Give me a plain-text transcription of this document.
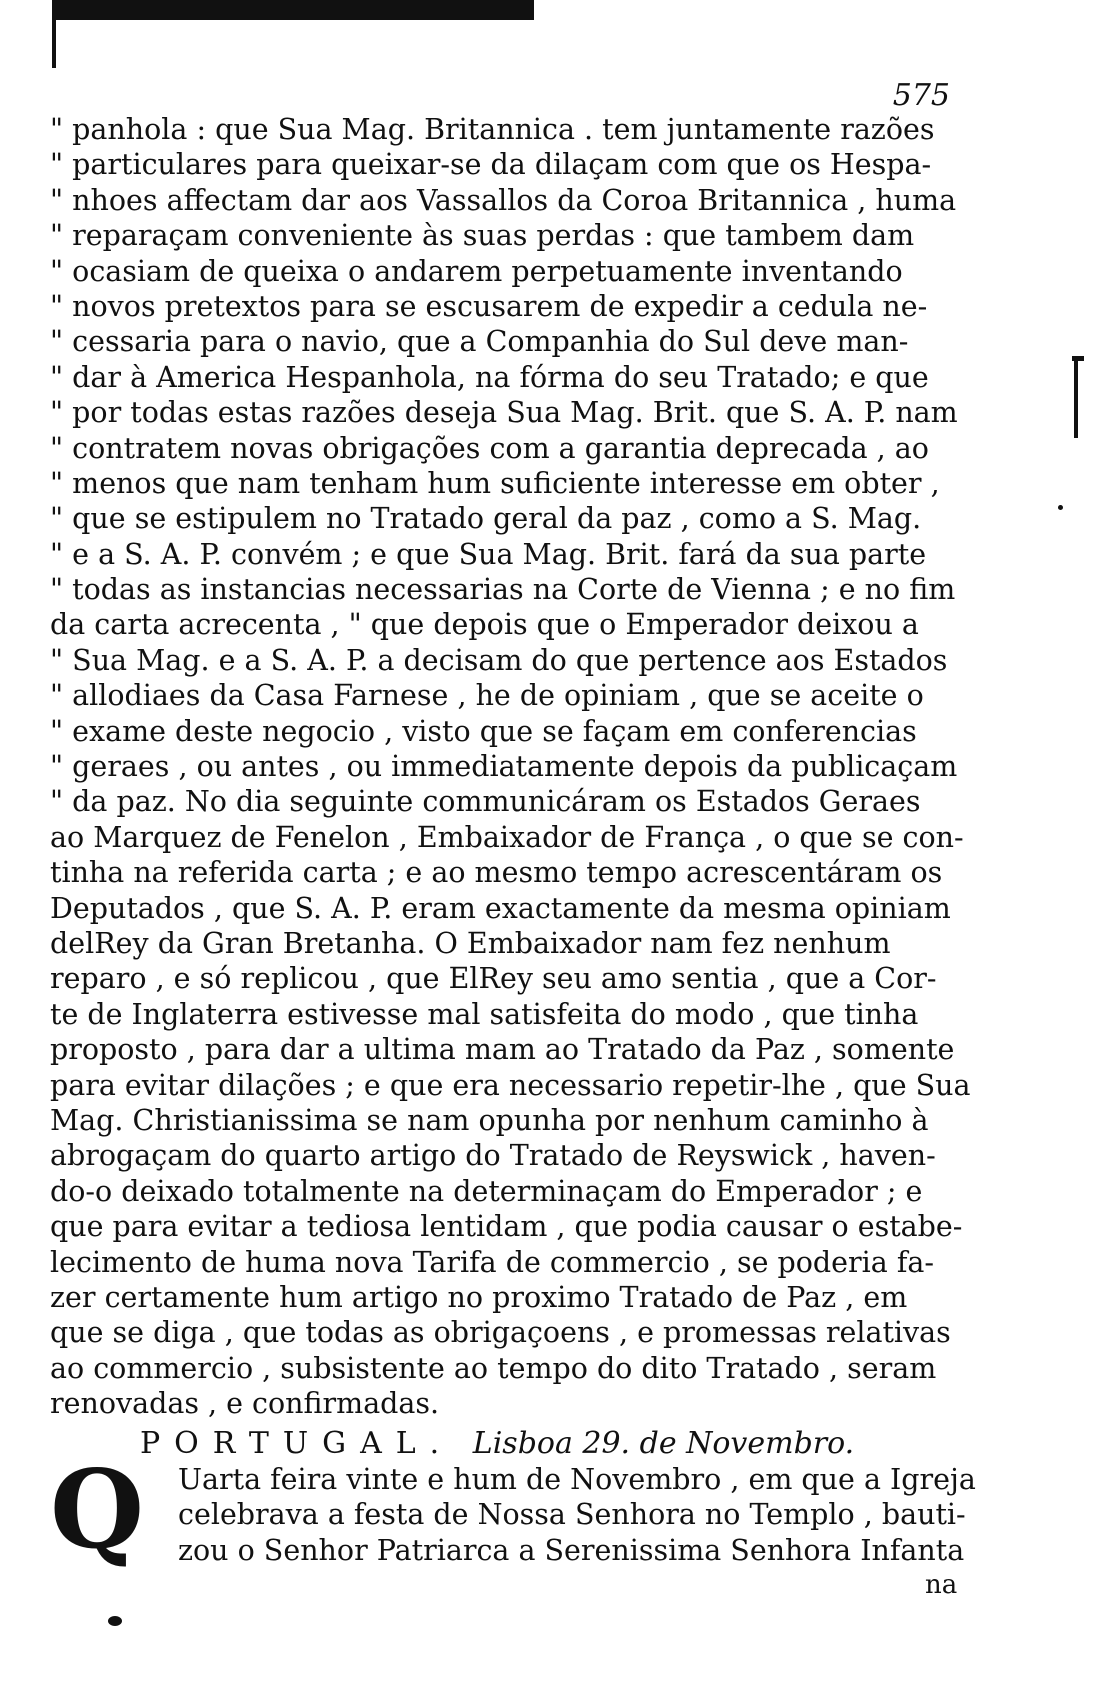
575
" panhola : que Sua Mag. Britannica . tem juntamente razões
" particulares para queixar-se da dilaçam com que os Hespa-
" nhoes affectam dar aos Vassallos da Coroa Britannica , huma
" reparaçam conveniente às suas perdas : que tambem dam
" ocasiam de queixa o andarem perpetuamente inventando
" novos pretextos para se escusarem de expedir a cedula ne-
" cessaria para o navio, que a Companhia do Sul deve man-
" dar à America Hespanhola, na fórma do seu Tratado; e que
" por todas estas razões deseja Sua Mag. Brit. que S. A. P. nam
" contratem novas obrigações com a garantia deprecada , ao
" menos que nam tenham hum suficiente interesse em obter ,
" que se estipulem no Tratado geral da paz , como a S. Mag.
" e a S. A. P. convém ; e que Sua Mag. Brit. fará da sua parte
" todas as instancias necessarias na Corte de Vienna ; e no fim
da carta acrecenta , " que depois que o Emperador deixou a
" Sua Mag. e a S. A. P. a decisam do que pertence aos Estados
" allodiaes da Casa Farnese , he de opiniam , que se aceite o
" exame deste negocio , visto que se façam em conferencias
" geraes , ou antes , ou immediatamente depois da publicaçam
" da paz. No dia seguinte communicáram os Estados Geraes
ao Marquez de Fenelon , Embaixador de França , o que se con-
tinha na referida carta ; e ao mesmo tempo acrescentáram os
Deputados , que S. A. P. eram exactamente da mesma opiniam
delRey da Gran Bretanha. O Embaixador nam fez nenhum
reparo , e só replicou , que ElRey seu amo sentia , que a Cor-
te de Inglaterra estivesse mal satisfeita do modo , que tinha
proposto , para dar a ultima mam ao Tratado da Paz , somente
para evitar dilações ; e que era necessario repetir-lhe , que Sua
Mag. Christianissima se nam opunha por nenhum caminho à
abrogaçam do quarto artigo do Tratado de Reyswick , haven-
do-o deixado totalmente na determinaçam do Emperador ; e
que para evitar a tediosa lentidam , que podia causar o estabe-
lecimento de huma nova Tarifa de commercio , se poderia fa-
zer certamente hum artigo no proximo Tratado de Paz , em
que se diga , que todas as obrigaçoens , e promessas relativas
ao commercio , subsistente ao tempo do dito Tratado , seram
renovadas , e confirmadas.
PORTUGAL. Lisboa 29. de Novembro.
Q Uarta feira vinte e hum de Novembro , em que a Igreja
celebrava a festa de Nossa Senhora no Templo , bauti-
zou o Senhor Patriarca a Serenissima Senhora Infanta
na
